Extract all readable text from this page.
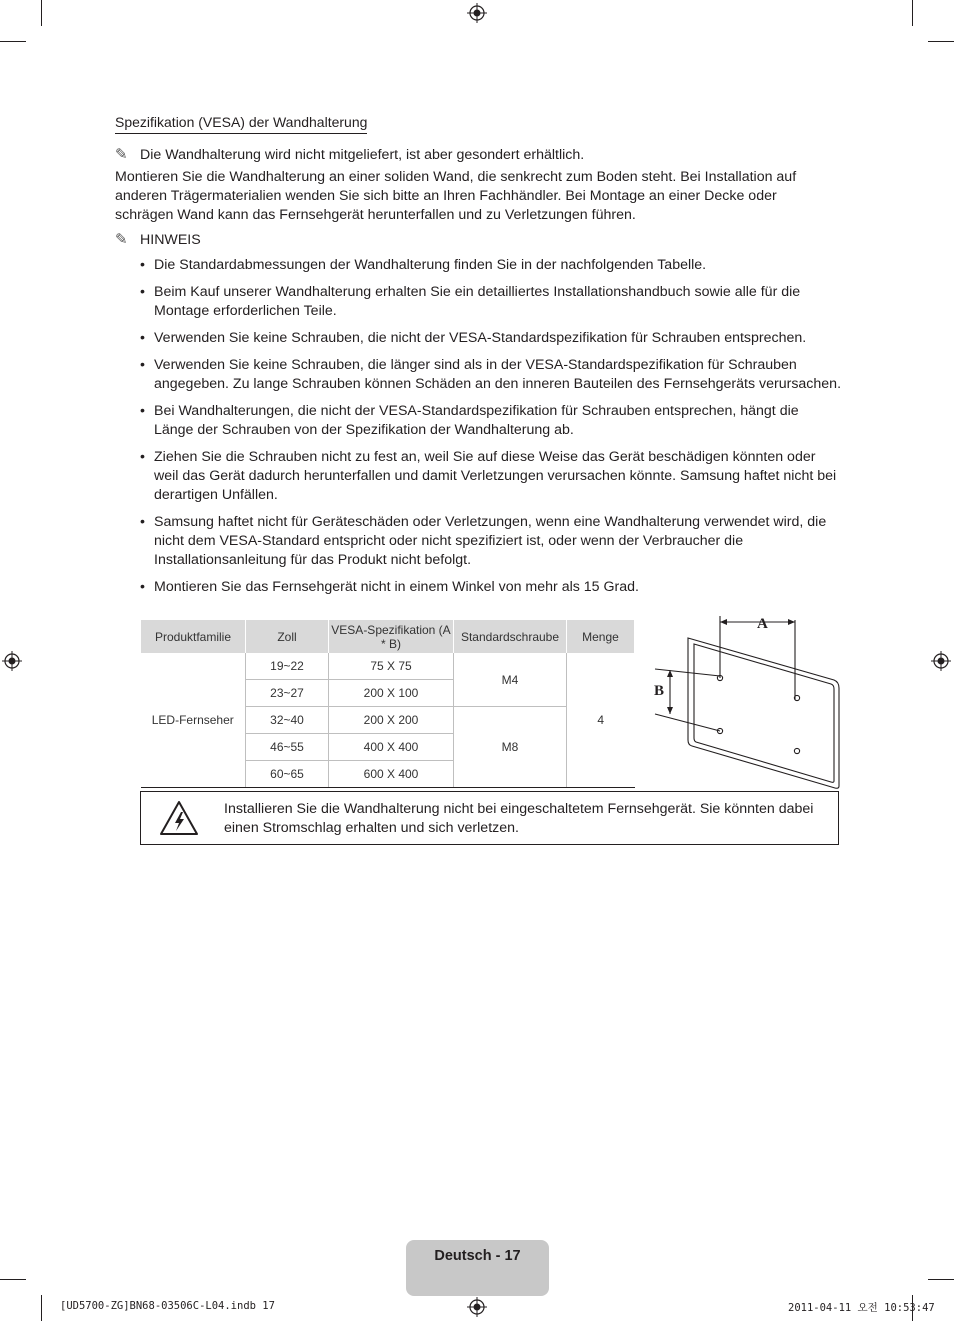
Spezifikation (VESA) der Wandhalterung
✎ Die Wandhalterung wird nicht mitgeliefert, ist aber gesondert erhältlich.
Montieren Sie die Wandhalterung an einer soliden Wand, die senkrecht zum Boden steht. Bei Installation auf anderen Trägermaterialien wenden Sie sich bitte an Ihren Fachhändler. Bei Montage an einer Decke oder schrägen Wand kann das Fernsehgerät herunterfallen und zu Verletzungen führen.
✎ HINWEIS
• Die Standardabmessungen der Wandhalterung finden Sie in der nachfolgenden Tabelle.
• Beim Kauf unserer Wandhalterung erhalten Sie ein detailliertes Installationshandbuch sowie alle für die Montage erforderlichen Teile.
• Verwenden Sie keine Schrauben, die nicht der VESA-Standardspezifikation für Schrauben entsprechen.
• Verwenden Sie keine Schrauben, die länger sind als in der VESA-Standardspezifikation für Schrauben angegeben. Zu lange Schrauben können Schäden an den inneren Bauteilen des Fernsehgeräts verursachen.
• Bei Wandhalterungen, die nicht der VESA-Standardspezifikation für Schrauben entsprechen, hängt die Länge der Schrauben von der Spezifikation der Wandhalterung ab.
• Ziehen Sie die Schrauben nicht zu fest an, weil Sie auf diese Weise das Gerät beschädigen könnten oder weil das Gerät dadurch herunterfallen und damit Verletzungen verursachen könnte. Samsung haftet nicht bei derartigen Unfällen.
• Samsung haftet nicht für Geräteschäden oder Verletzungen, wenn eine Wandhalterung verwendet wird, die nicht dem VESA-Standard entspricht oder nicht spezifiziert ist, oder wenn der Verbraucher die Installationsanleitung für das Produkt nicht befolgt.
• Montieren Sie das Fernsehgerät nicht in einem Winkel von mehr als 15 Grad.
Produktfamilie	Zoll	VESA-Spezifikation (A * B)	Standardschraube	Menge
LED-Fernseher	19~22	75 X 75	M4	4
	23~27	200 X 100		
	32~40	200 X 200	M8	
	46~55	400 X 400		
	60~65	600 X 400		
A
B
Installieren Sie die Wandhalterung nicht bei eingeschaltetem Fernsehgerät. Sie könnten dabei einen Stromschlag erhalten und sich verletzen.
Deutsch - 17
[UD5700-ZG]BN68-03506C-L04.indb 17	2011-04-11 오전 10:53:47
